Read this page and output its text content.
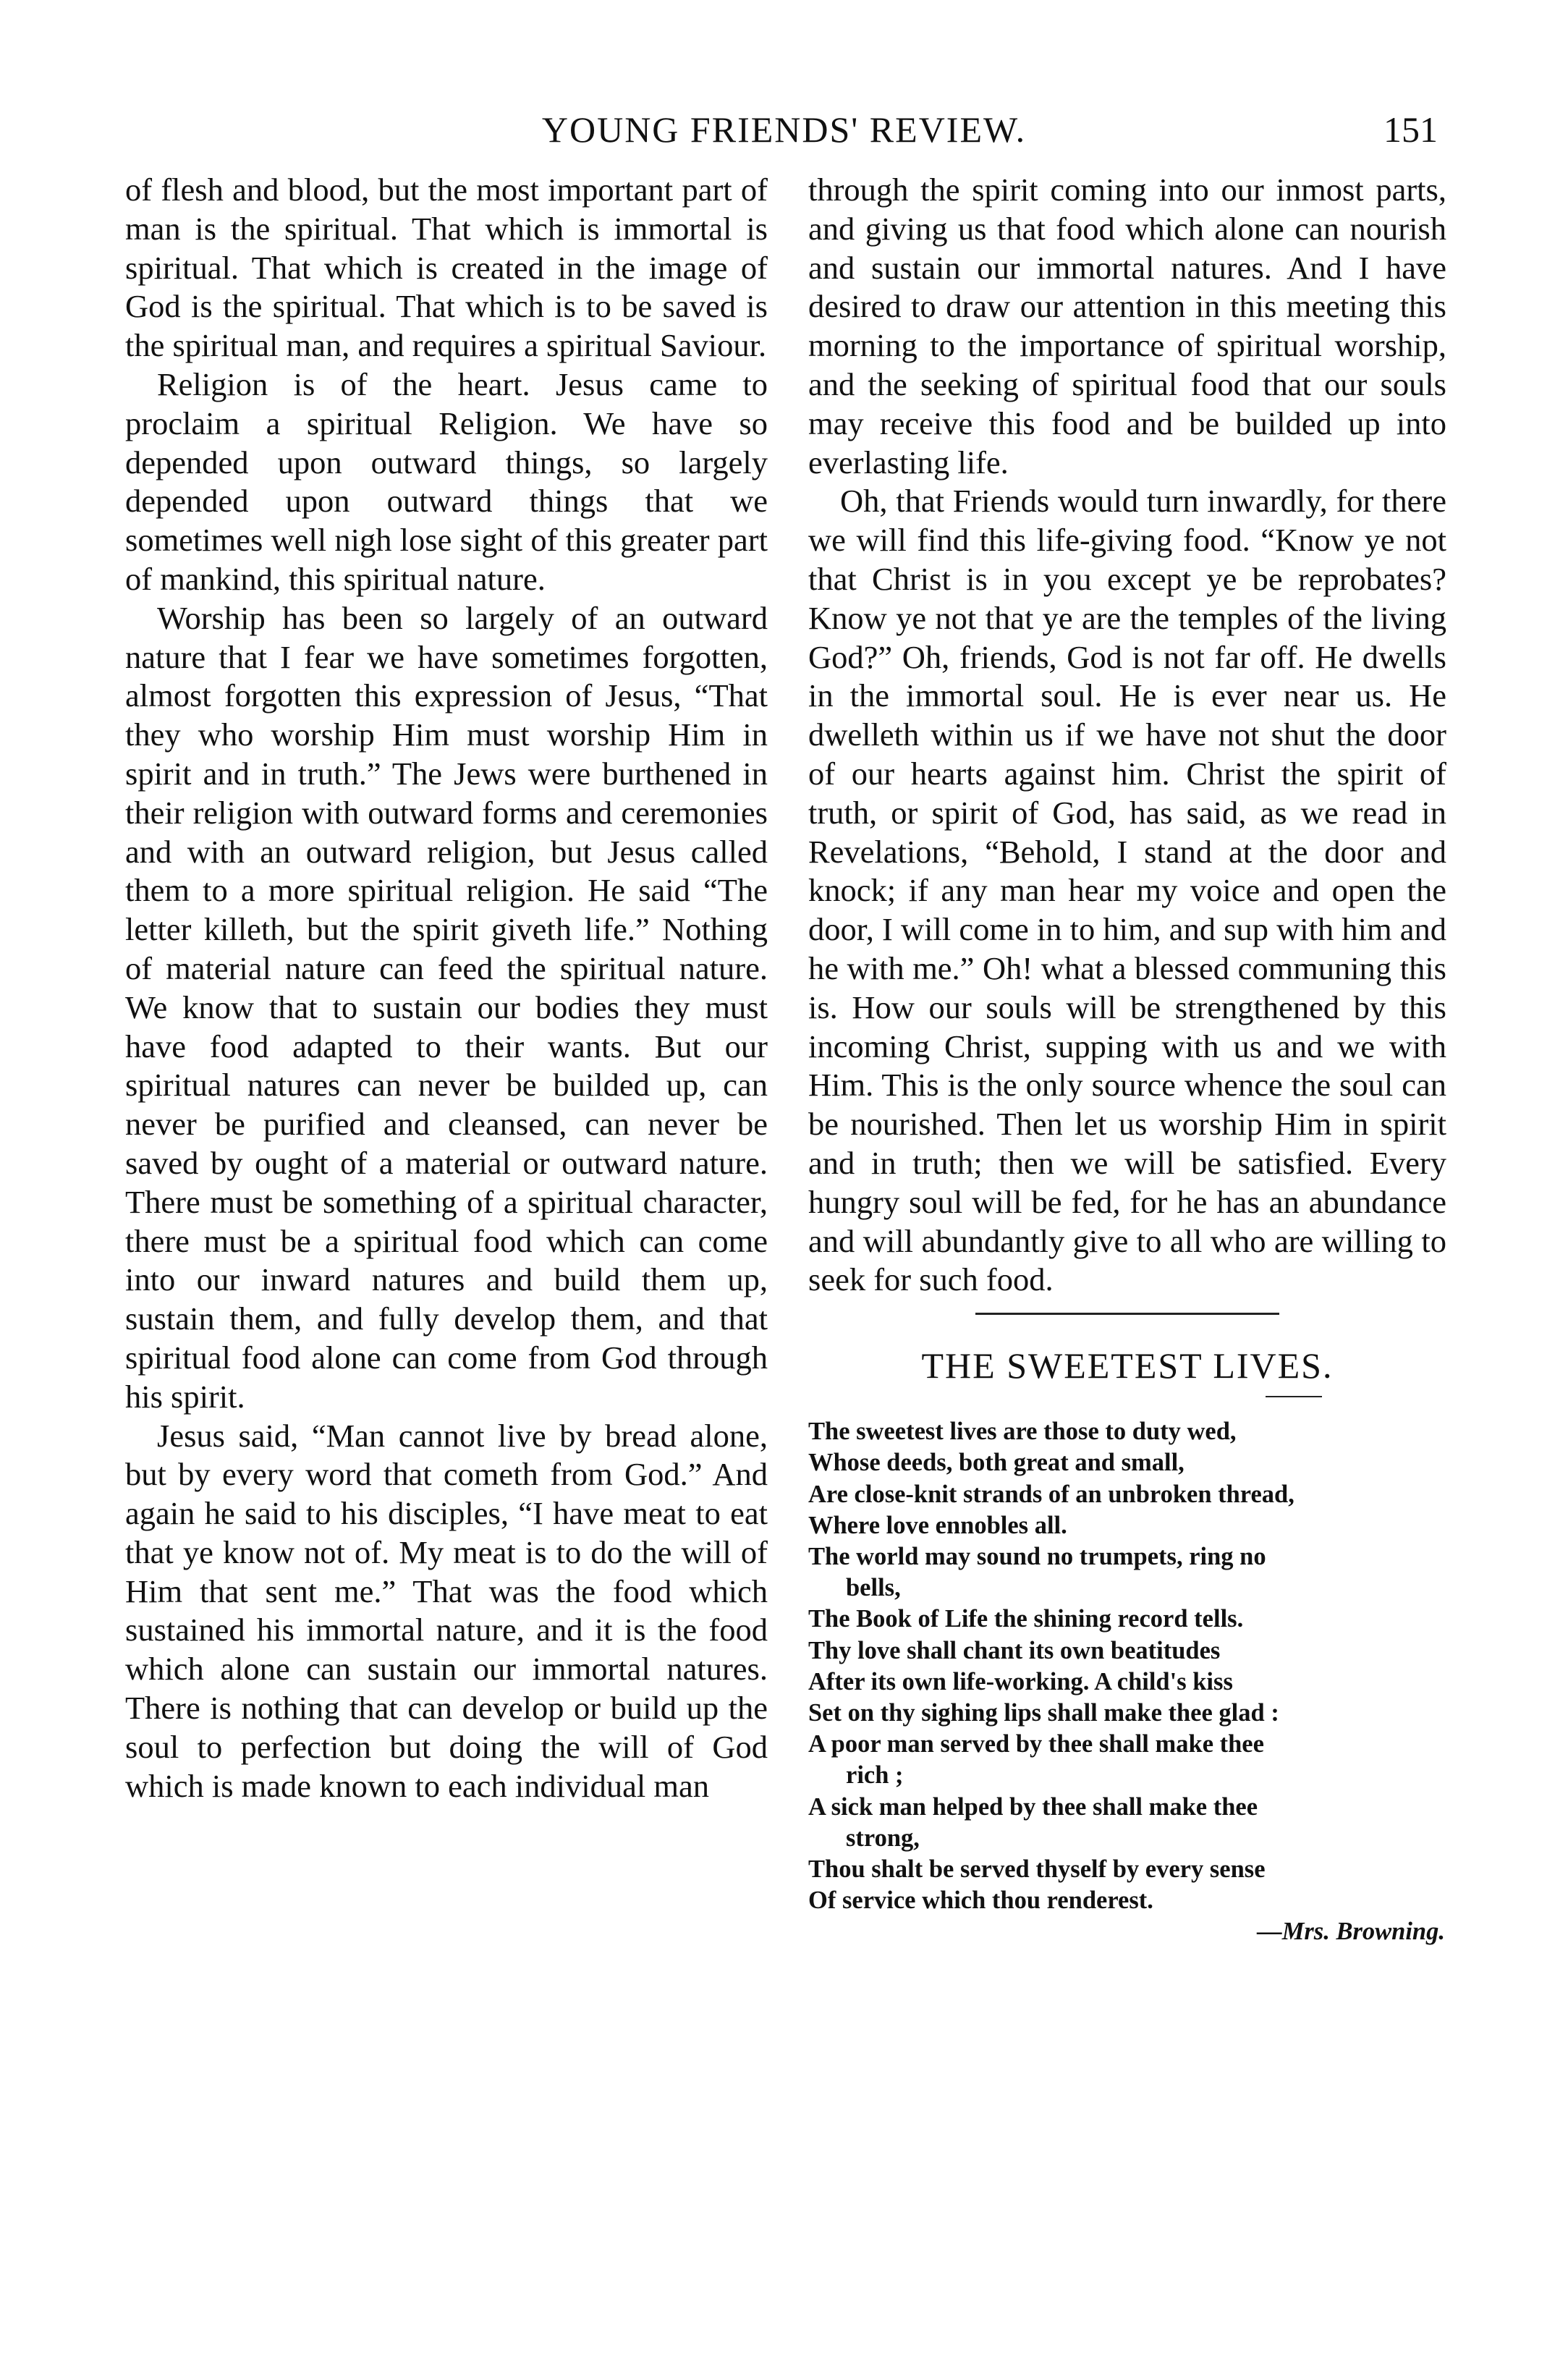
YOUNG FRIENDS' REVIEW.	151

of flesh and blood, but the most important part of man is the spiritual. That which is immortal is spiritual. That which is created in the image of God is the spiritual. That which is to be saved is the spiritual man, and requires a spiritual Saviour.

Religion is of the heart. Jesus came to proclaim a spiritual Religion. We have so depended upon outward things, so largely depended upon outward things that we sometimes well nigh lose sight of this greater part of mankind, this spiritual nature.

Worship has been so largely of an outward nature that I fear we have sometimes forgotten, almost forgotten this expression of Jesus, “That they who worship Him must worship Him in spirit and in truth.” The Jews were burthened in their religion with outward forms and ceremonies and with an outward religion, but Jesus called them to a more spiritual religion. He said “The letter killeth, but the spirit giveth life.” Nothing of material nature can feed the spiritual nature. We know that to sustain our bodies they must have food adapted to their wants. But our spiritual natures can never be builded up, can never be purified and cleansed, can never be saved by ought of a material or outward nature. There must be something of a spiritual character, there must be a spiritual food which can come into our inward natures and build them up, sustain them, and fully develop them, and that spiritual food alone can come from God through his spirit.

Jesus said, “Man cannot live by bread alone, but by every word that cometh from God.” And again he said to his disciples, “I have meat to eat that ye know not of. My meat is to do the will of Him that sent me.” That was the food which sustained his immortal nature, and it is the food which alone can sustain our immortal natures. There is nothing that can develop or build up the soul to perfection but doing the will of God which is made known to each individual man

through the spirit coming into our inmost parts, and giving us that food which alone can nourish and sustain our immortal natures. And I have desired to draw our attention in this meeting this morning to the importance of spiritual worship, and the seeking of spiritual food that our souls may receive this food and be builded up into everlasting life.

Oh, that Friends would turn inwardly, for there we will find this life-giving food. “Know ye not that Christ is in you except ye be reprobates? Know ye not that ye are the temples of the living God?” Oh, friends, God is not far off. He dwells in the immortal soul. He is ever near us. He dwelleth within us if we have not shut the door of our hearts against him. Christ the spirit of truth, or spirit of God, has said, as we read in Revelations, “Behold, I stand at the door and knock; if any man hear my voice and open the door, I will come in to him, and sup with him and he with me.” Oh! what a blessed communing this is. How our souls will be strengthened by this incoming Christ, supping with us and we with Him. This is the only source whence the soul can be nourished. Then let us worship Him in spirit and in truth; then we will be satisfied. Every hungry soul will be fed, for he has an abundance and will abundantly give to all who are willing to seek for such food.

THE SWEETEST LIVES.
The sweetest lives are those to duty wed,
Whose deeds, both great and small,
Are close-knit strands of an unbroken thread,
Where love ennobles all.
The world may sound no trumpets, ring no
bells,
The Book of Life the shining record tells.
Thy love shall chant its own beatitudes
After its own life-working. A child's kiss
Set on thy sighing lips shall make thee glad :
A poor man served by thee shall make thee
rich ;
A sick man helped by thee shall make thee
strong,
Thou shalt be served thyself by every sense
Of service which thou renderest.
—Mrs. Browning.
